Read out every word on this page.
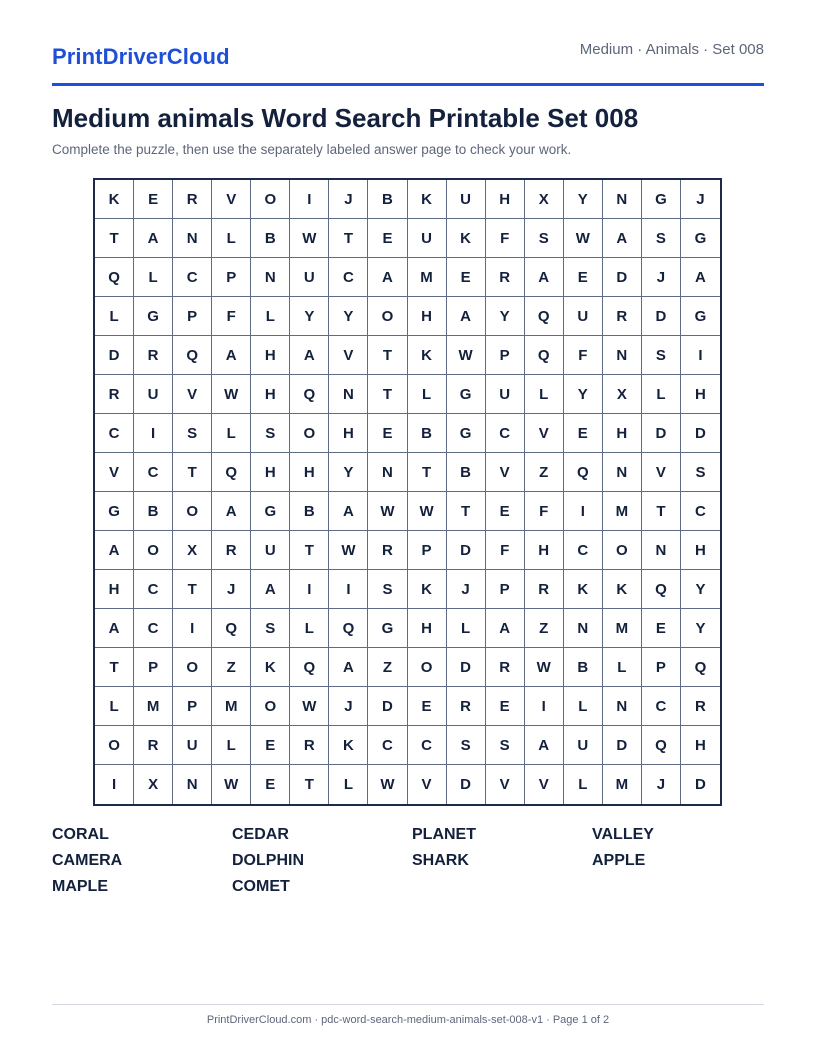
PrintDriverCloud	Medium · Animals · Set 008
Medium animals Word Search Printable Set 008
Complete the puzzle, then use the separately labeled answer page to check your work.
K	E	R	V	O	I	J	B	K	U	H	X	Y	N	G	J
T	A	N	L	B	W	T	E	U	K	F	S	W	A	S	G
Q	L	C	P	N	U	C	A	M	E	R	A	E	D	J	A
L	G	P	F	L	Y	Y	O	H	A	Y	Q	U	R	D	G
D	R	Q	A	H	A	V	T	K	W	P	Q	F	N	S	I
R	U	V	W	H	Q	N	T	L	G	U	L	Y	X	L	H
C	I	S	L	S	O	H	E	B	G	C	V	E	H	D	D
V	C	T	Q	H	H	Y	N	T	B	V	Z	Q	N	V	S
G	B	O	A	G	B	A	W	W	T	E	F	I	M	T	C
A	O	X	R	U	T	W	R	P	D	F	H	C	O	N	H
H	C	T	J	A	I	I	S	K	J	P	R	K	K	Q	Y
A	C	I	Q	S	L	Q	G	H	L	A	Z	N	M	E	Y
T	P	O	Z	K	Q	A	Z	O	D	R	W	B	L	P	Q
L	M	P	M	O	W	J	D	E	R	E	I	L	N	C	R
O	R	U	L	E	R	K	C	C	S	S	A	U	D	Q	H
I	X	N	W	E	T	L	W	V	D	V	V	L	M	J	D
CORAL	CEDAR	PLANET	VALLEY
CAMERA	DOLPHIN	SHARK	APPLE
MAPLE	COMET
PrintDriverCloud.com · pdc-word-search-medium-animals-set-008-v1 · Page 1 of 2
